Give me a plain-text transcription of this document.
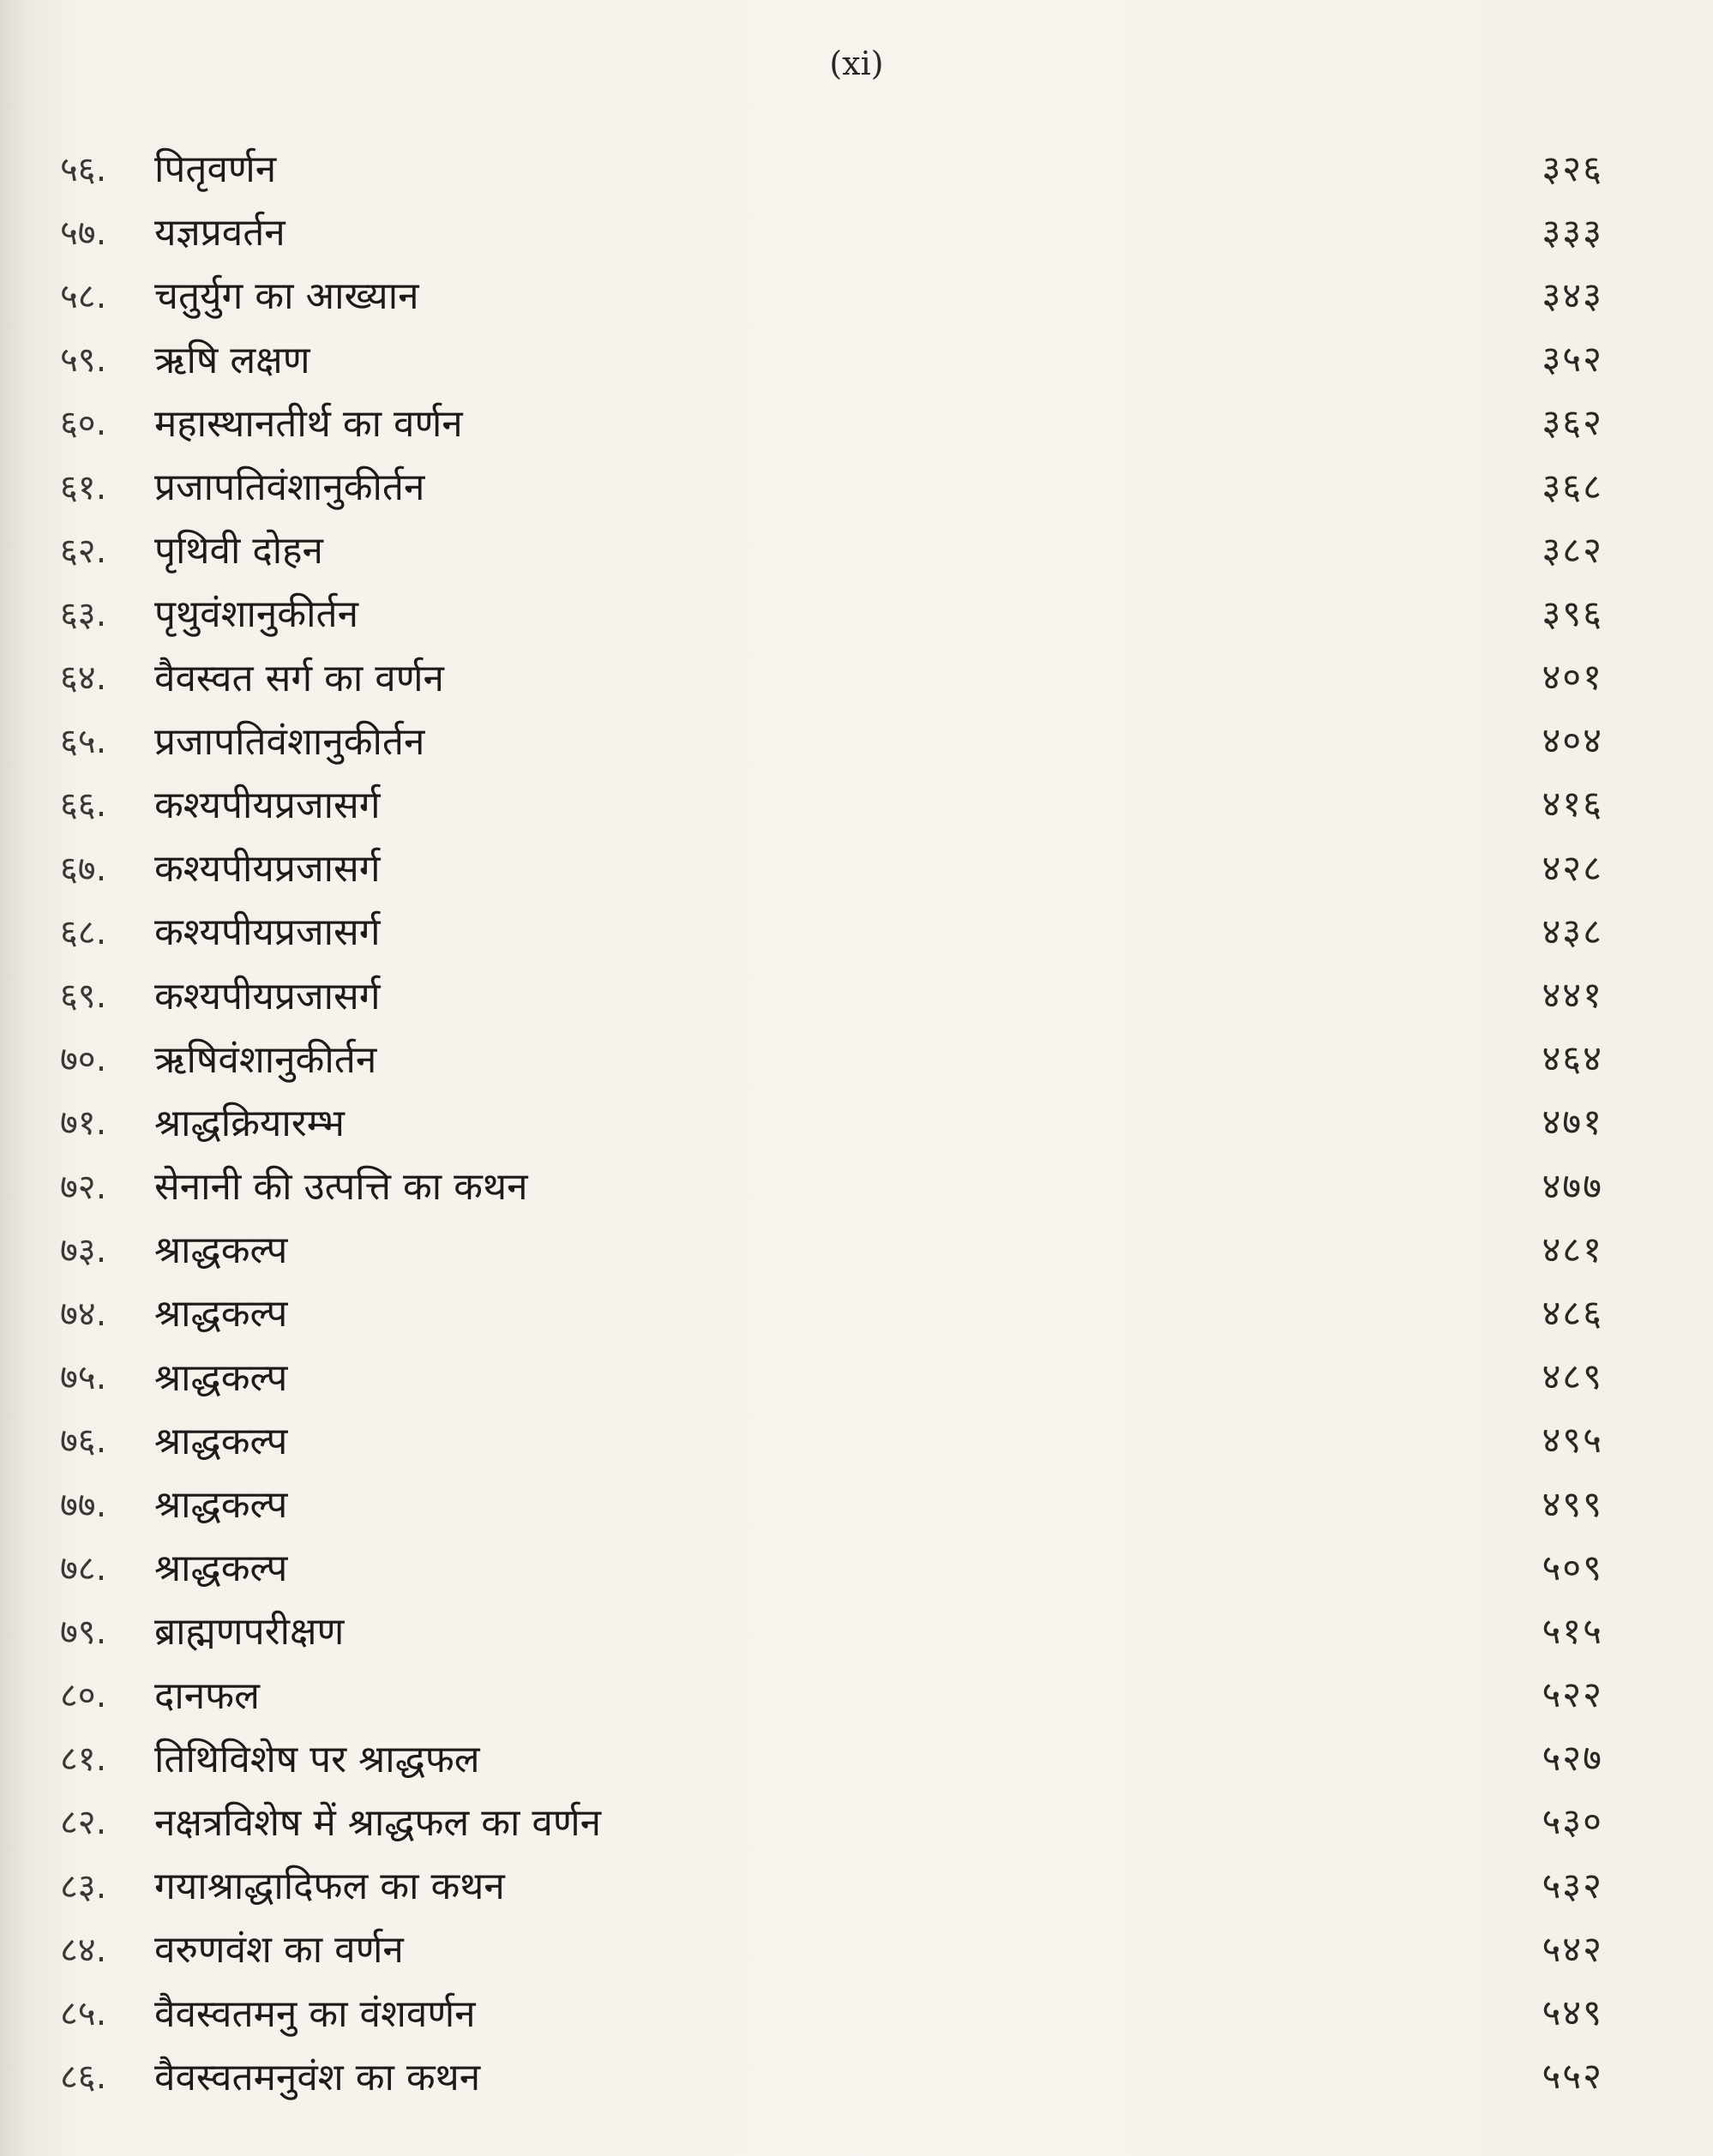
(xi)
५६.	पितृवर्णन	३२६
५७.	यज्ञप्रवर्तन	३३३
५८.	चतुर्युग का आख्यान	३४३
५९.	ऋषि लक्षण	३५२
६०.	महास्थानतीर्थ का वर्णन	३६२
६१.	प्रजापतिवंशानुकीर्तन	३६८
६२.	पृथिवी दोहन	३८२
६३.	पृथुवंशानुकीर्तन	३९६
६४.	वैवस्वत सर्ग का वर्णन	४०१
६५.	प्रजापतिवंशानुकीर्तन	४०४
६६.	कश्यपीयप्रजासर्ग	४१६
६७.	कश्यपीयप्रजासर्ग	४२८
६८.	कश्यपीयप्रजासर्ग	४३८
६९.	कश्यपीयप्रजासर्ग	४४१
७०.	ऋषिवंशानुकीर्तन	४६४
७१.	श्राद्धक्रियारम्भ	४७१
७२.	सेनानी की उत्पत्ति का कथन	४७७
७३.	श्राद्धकल्प	४८१
७४.	श्राद्धकल्प	४८६
७५.	श्राद्धकल्प	४८९
७६.	श्राद्धकल्प	४९५
७७.	श्राद्धकल्प	४९९
७८.	श्राद्धकल्प	५०९
७९.	ब्राह्मणपरीक्षण	५१५
८०.	दानफल	५२२
८१.	तिथिविशेष पर श्राद्धफल	५२७
८२.	नक्षत्रविशेष में श्राद्धफल का वर्णन	५३०
८३.	गयाश्राद्धादिफल का कथन	५३२
८४.	वरुणवंश का वर्णन	५४२
८५.	वैवस्वतमनु का वंशवर्णन	५४९
८६.	वैवस्वतमनुवंश का कथन	५५२
